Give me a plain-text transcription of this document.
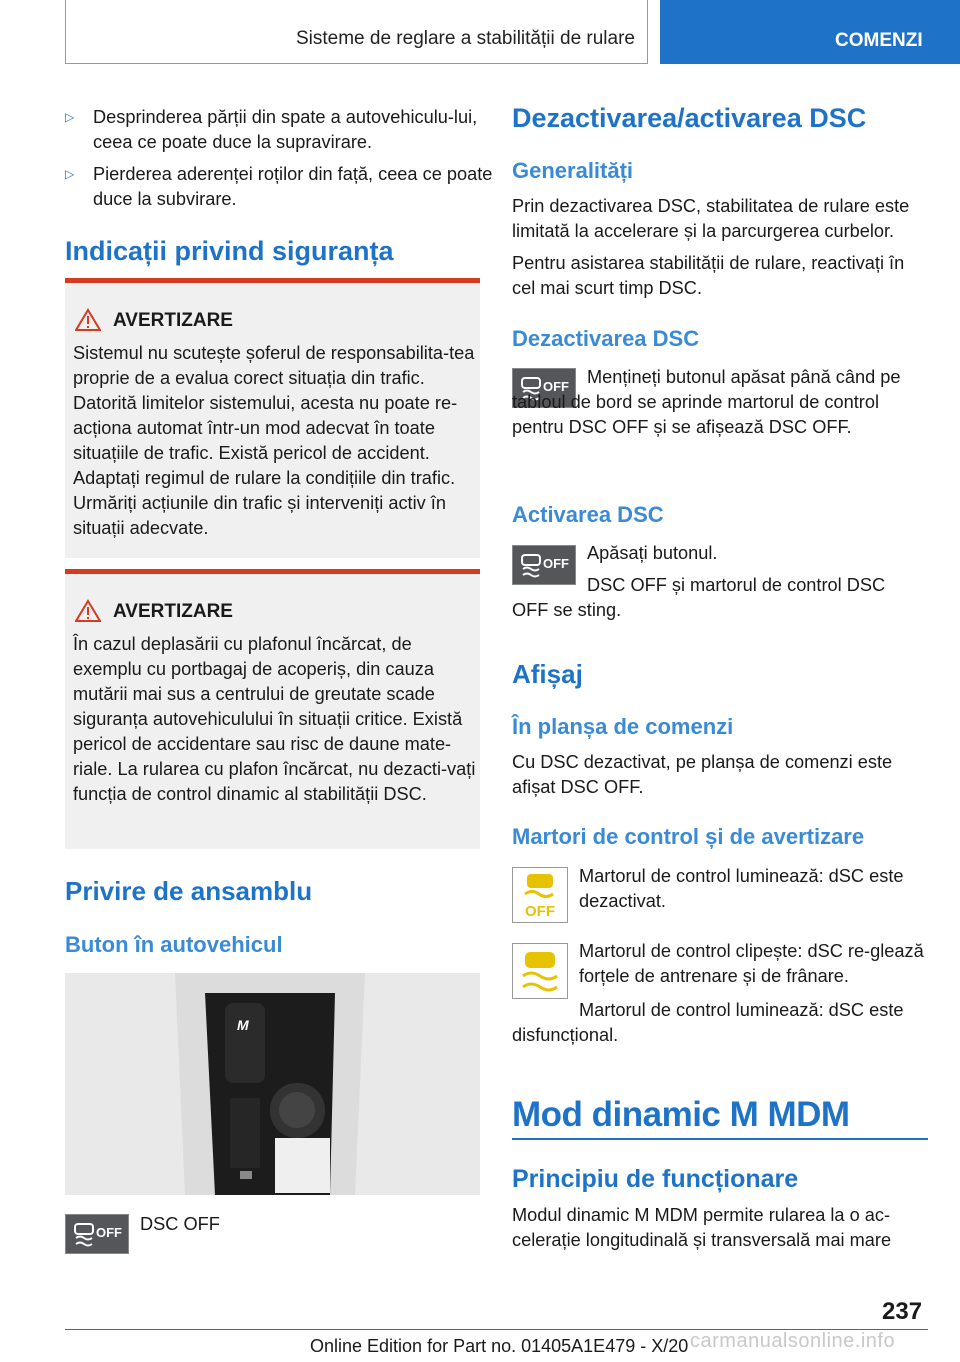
Sisteme de reglare a stabilității de rulare	COMENZI
▷ Desprinderea părții din spate a autovehiculu-lui, ceea ce poate duce la supravirare.
▷ Pierderea aderenței roților din față, ceea ce poate duce la subvirare.
Indicații privind siguranța
AVERTIZARE
Sistemul nu scutește șoferul de responsabilita-tea proprie de a evalua corect situația din trafic. Datorită limitelor sistemului, acesta nu poate re-acționa automat într-un mod adecvat în toate situațiile de trafic. Există pericol de accident. Adaptați regimul de rulare la condițiile din trafic. Urmăriți acțiunile din trafic și interveniți activ în situații adecvate.
AVERTIZARE
În cazul deplasării cu plafonul încărcat, de exemplu cu portbagaj de acoperiș, din cauza mutării mai sus a centrului de greutate scade siguranța autovehiculului în situații critice. Există pericol de accidentare sau risc de daune mate-riale. La rularea cu plafon încărcat, nu dezacti-vați funcția de control dinamic al stabilității DSC.
Privire de ansamblu
Buton în autovehicul
M
OFF DSC OFF
Dezactivarea/activarea DSC
Generalități
Prin dezactivarea DSC, stabilitatea de rulare este limitată la accelerare și la parcurgerea curbelor.
Pentru asistarea stabilității de rulare, reactivați în cel mai scurt timp DSC.
Dezactivarea DSC
OFF Mențineți butonul apăsat până când pe tabloul de bord se aprinde martorul de control pentru DSC OFF și se afișează DSC OFF.
Activarea DSC
OFF
Apăsați butonul.
DSC OFF și martorul de control DSC OFF se sting.
Afișaj
În planșa de comenzi
Cu DSC dezactivat, pe planșa de comenzi este afișat DSC OFF.
Martori de control și de avertizare
OFF
Martorul de control luminează: dSC este dezactivat.
Martorul de control clipește: dSC re-glează forțele de antrenare și de frânare.
Martorul de control luminează: dSC este disfuncțional.
Mod dinamic M MDM
Principiu de funcționare
Modul dinamic M MDM permite rularea la o ac-celerație longitudinală și transversală mai mare
237
Online Edition for Part no. 01405A1E479 - X/20 carmanualsonline.info
